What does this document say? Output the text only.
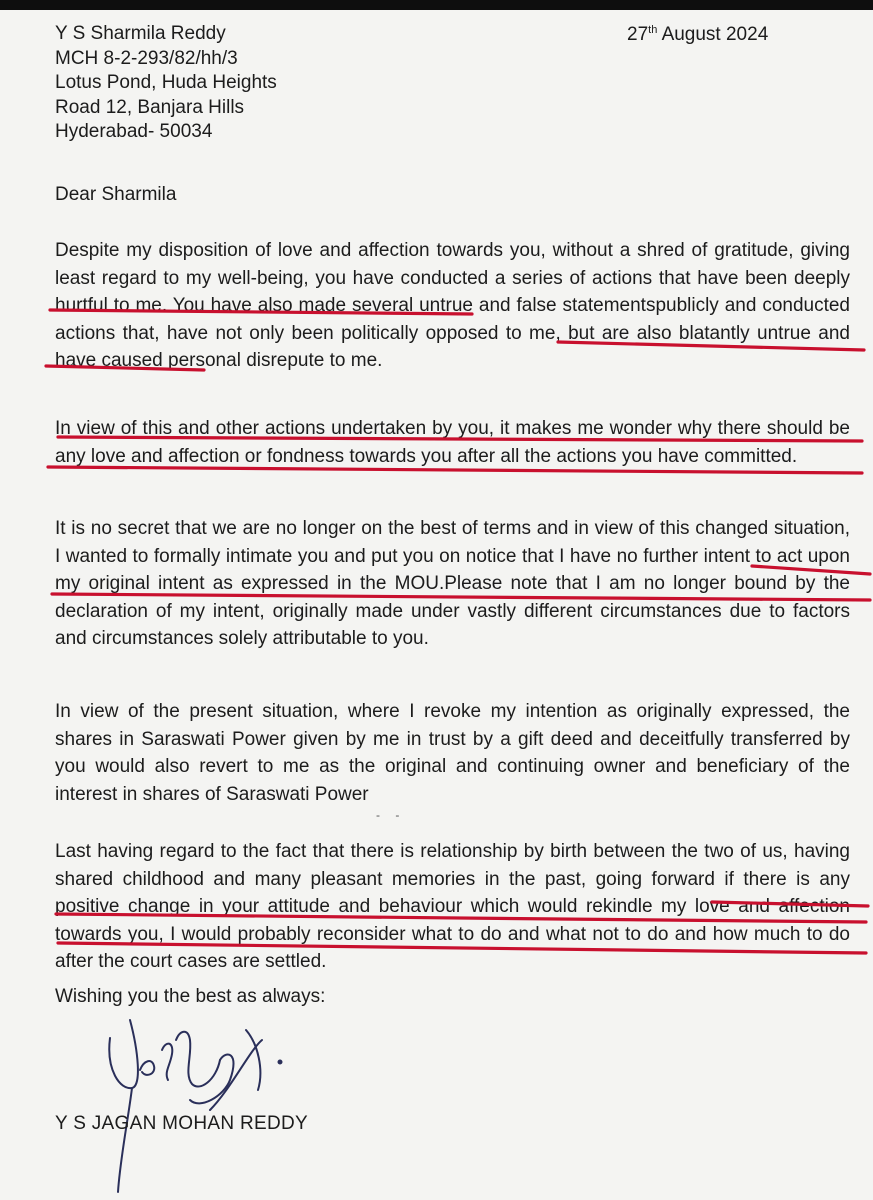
Y S Sharmila Reddy
MCH 8-2-293/82/hh/3
Lotus Pond, Huda Heights
Road 12, Banjara Hills
Hyderabad- 50034
27th August 2024
Dear Sharmila

Despite my disposition of love and affection towards you, without a shred of gratitude, giving least regard to my well-being, you have conducted a series of actions that have been deeply hurtful to me. You have also made several untrue and false statementspublicly and conducted actions that, have not only been politically opposed to me, but are also blatantly untrue and have caused personal disrepute to me.

In view of this and other actions undertaken by you, it makes me wonder why there should be any love and affection or fondness towards you after all the actions you have committed.

It is no secret that we are no longer on the best of terms and in view of this changed situation, I wanted to formally intimate you and put you on notice that I have no further intent to act upon my original intent as expressed in the MOU.Please note that I am no longer bound by the declaration of my intent, originally made under vastly different circumstances due to factors and circumstances solely attributable to you.

In view of the present situation, where I revoke my intention as originally expressed, the shares in Saraswati Power given by me in trust by a gift deed and deceitfully transferred by you would also revert to me as the original and continuing owner and beneficiary of the interest in shares of Saraswati Power

- -

Last having regard to the fact that there is relationship by birth between the two of us, having shared childhood and many pleasant memories in the past, going forward if there is any positive change in your attitude and behaviour which would rekindle my love and affection towards you, I would probably reconsider what to do and what not to do and how much to do after the court cases are settled.

Wishing you the best as always:
Y S JAGAN MOHAN REDDY
